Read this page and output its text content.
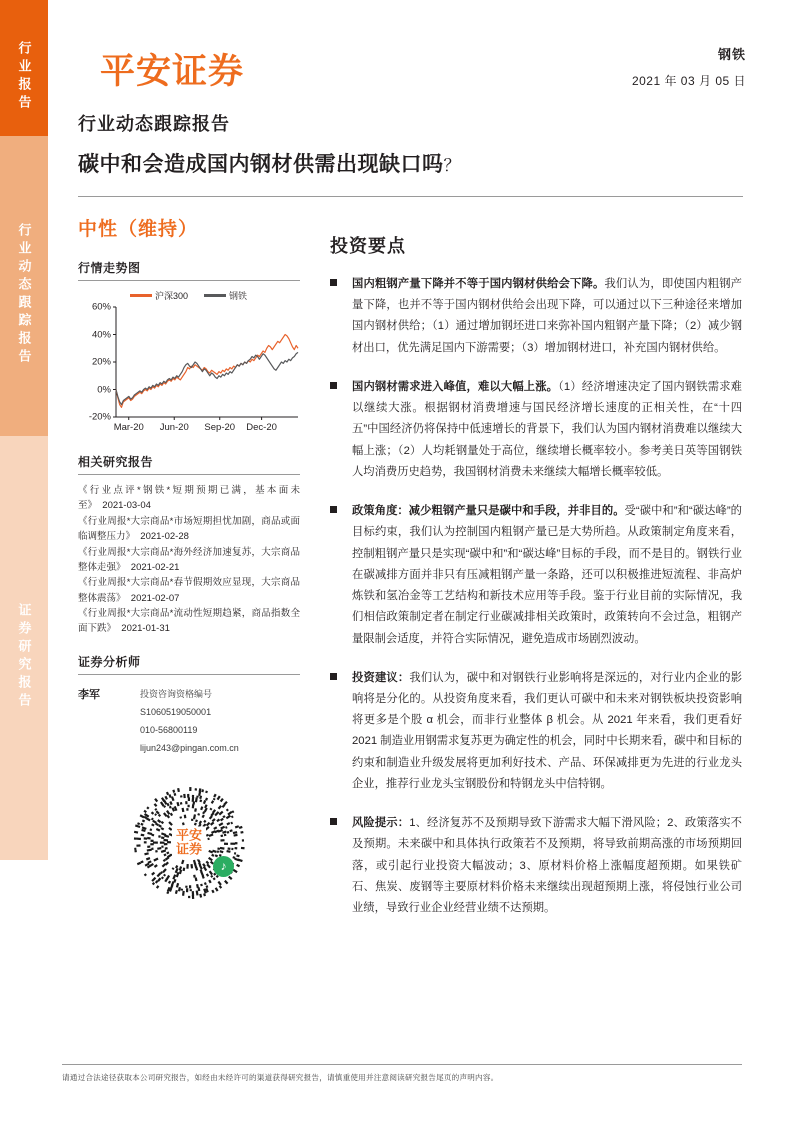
行业报告
行业动态跟踪报告
证券研究报告
平安证券	钢铁
2021 年 03 月 05 日
行业动态跟踪报告
碳中和会造成国内钢材供需出现缺口吗？
中性（维持）
行情走势图
沪深300	钢铁
-20%
0%
20%
40%
60%
Mar-20 Jun-20 Sep-20 Dec-20
相关研究报告
《行业点评*钢铁*短期预期已满，基本面未至》  2021-03-04
《行业周报*大宗商品*市场短期担忧加剧，商品或面临调整压力》  2021-02-28
《行业周报*大宗商品*海外经济加速复苏，大宗商品整体走强》  2021-02-21
《行业周报*大宗商品*春节假期效应显现，大宗商品整体震荡》  2021-02-07
《行业周报*大宗商品*流动性短期趋紧，商品指数全面下跌》  2021-01-31
证券分析师
李军	投资咨询资格编号
S1060519050001
010-56800119
lijun243@pingan.com.cn
平安
证券
♪
投资要点
国内粗钢产量下降并不等于国内钢材供给会下降。我们认为，即使国内粗钢产量下降，也并不等于国内钢材供给会出现下降，可以通过以下三种途径来增加国内钢材供给；（1）通过增加钢坯进口来弥补国内粗钢产量下降；（2）减少钢材出口，优先满足国内下游需要；（3）增加钢材进口，补充国内钢材供给。
国内钢材需求进入峰值，难以大幅上涨。（1）经济增速决定了国内钢铁需求难以继续大涨。根据钢材消费增速与国民经济增长速度的正相关性，在“十四五”中国经济仍将保持中低速增长的背景下，我们认为国内钢材消费难以继续大幅上涨；（2）人均耗钢量处于高位，继续增长概率较小。参考美日英等国钢铁人均消费历史趋势，我国钢材消费未来继续大幅增长概率较低。
政策角度：减少粗钢产量只是碳中和手段，并非目的。受“碳中和”和“碳达峰”的目标约束，我们认为控制国内粗钢产量已是大势所趋。从政策制定角度来看，控制粗钢产量只是实现“碳中和”和“碳达峰”目标的手段，而不是目的。钢铁行业在碳减排方面并非只有压减粗钢产量一条路，还可以积极推进短流程、非高炉炼铁和氢冶金等工艺结构和新技术应用等手段。鉴于行业目前的实际情况，我们相信政策制定者在制定行业碳减排相关政策时，政策转向不会过急，粗钢产量限制会适度，并符合实际情况，避免造成市场剧烈波动。
投资建议：我们认为，碳中和对钢铁行业影响将是深远的，对行业内企业的影响将是分化的。从投资角度来看，我们更认可碳中和未来对钢铁板块投资影响将更多是个股 α 机会，而非行业整体 β 机会。从 2021 年来看，我们更看好 2021 制造业用钢需求复苏更为确定性的机会，同时中长期来看，碳中和目标的约束和制造业升级发展将更加利好技术、产品、环保减排更为先进的行业龙头企业，推荐行业龙头宝钢股份和特钢龙头中信特钢。
风险提示：1、经济复苏不及预期导致下游需求大幅下滑风险；2、政策落实不及预期。未来碳中和具体执行政策若不及预期，将导致前期高涨的市场预期回落，或引起行业投资大幅波动；3、原材料价格上涨幅度超预期。如果铁矿石、焦炭、废钢等主要原材料价格未来继续出现超预期上涨，将侵蚀行业公司业绩，导致行业企业经营业绩不达预期。
请通过合法途径获取本公司研究报告，如经由未经许可的渠道获得研究报告，请慎重使用并注意阅读研究报告尾页的声明内容。
